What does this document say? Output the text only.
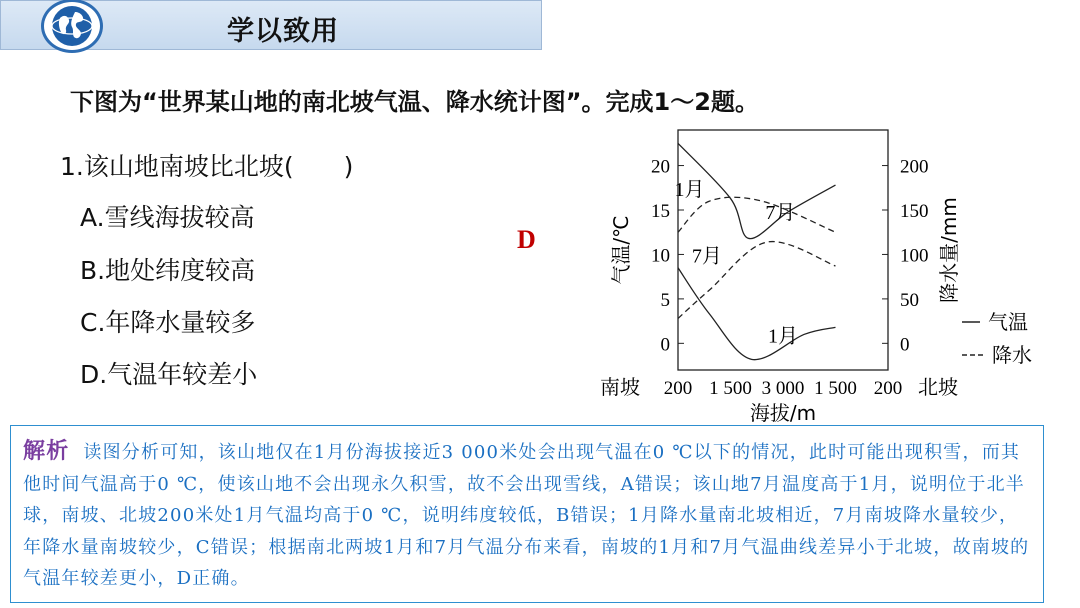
学以致用
下图为“世界某山地的南北坡气温、降水统计图”。完成1～2题。
1.该山地南坡比北坡(　　)
A.雪线海拔较高
B.地处纬度较高
C.年降水量较多
D.气温年较差小
D
0
5
10
15
20
0
50
100
150
200
200 1 500 3 000 1 500 200
南坡	北坡
海拔/m
气温/℃	降水量/mm
1月
7月
1月
7月
气温
降水
解析 读图分析可知，该山地仅在1月份海拔接近3 000米处会出现气温在0 ℃以下的情况，此时可能出现积雪，而其他时间气温高于0 ℃，使该山地不会出现永久积雪，故不会出现雪线，A错误；该山地7月温度高于1月，说明位于北半球，南坡、北坡200米处1月气温均高于0 ℃，说明纬度较低，B错误；1月降水量南北坡相近，7月南坡降水量较少，年降水量南坡较少，C错误；根据南北两坡1月和7月气温分布来看，南坡的1月和7月气温曲线差异小于北坡，故南坡的气温年较差更小，D正确。
